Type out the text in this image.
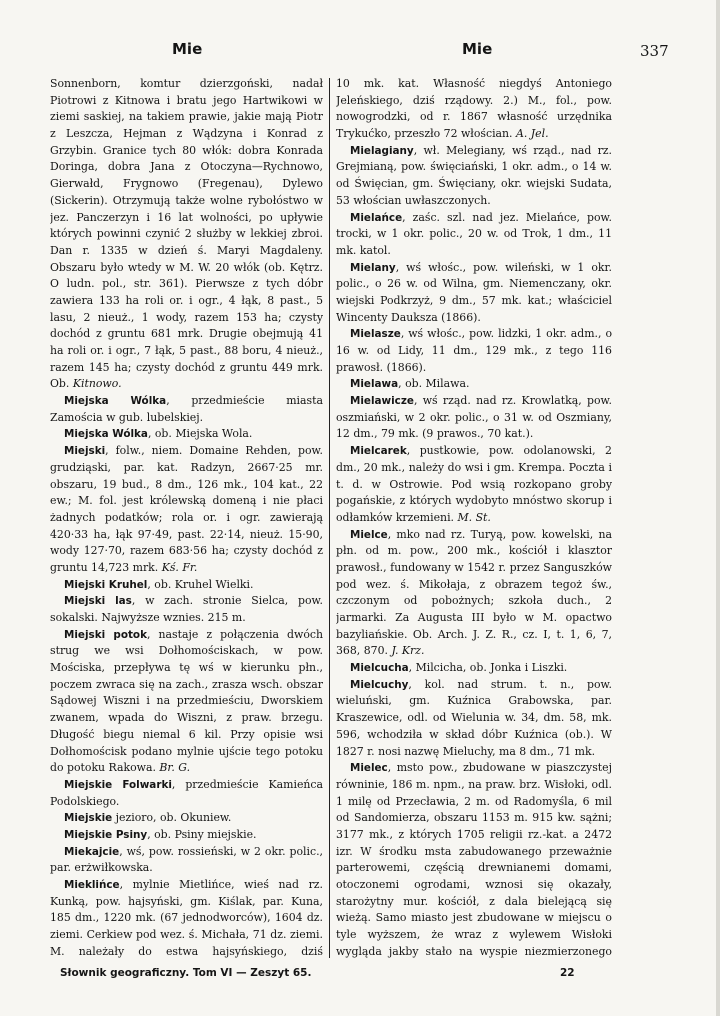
Mie	Mie	337

Sonnenborn, komtur dzierzgoński, nadał Piotrowi z Kitnowa i bratu jego Hartwikowi w ziemi saskiej, na takiem prawie, jakie mają Piotr z Leszcza, Hejman z Wądzyna i Konrad z Grzybin. Granice tych 80 włók: dobra Konrada Doringa, dobra Jana z Otoczyna—Rychnowo, Gierwałd, Frygnowo (Fregenau), Dylewo (Sickerin). Otrzymują także wolne rybołóstwo w jez. Panczerzyn i 16 lat wolności, po upływie których powinni czynić 2 służby w lekkiej zbroi. Dan r. 1335 w dzień ś. Maryi Magdaleny. Obszaru było wtedy w M. W. 20 włók (ob. Kętrz. O ludn. pol., str. 361). Pierwsze z tych dóbr zawiera 133 ha roli or. i ogr., 4 łąk, 8 past., 5 lasu, 2 nieuż., 1 wody, razem 153 ha; czysty dochód z gruntu 681 mrk. Drugie obejmują 41 ha roli or. i ogr., 7 łąk, 5 past., 88 boru, 4 nieuż., razem 145 ha; czysty dochód z gruntu 449 mrk. Ob. Kitnowo.

Miejska Wólka, przedmieście miasta Zamościa w gub. lubelskiej.

Miejska Wólka, ob. Miejska Wola.

Miejski, folw., niem. Domaine Rehden, pow. grudziąski, par. kat. Radzyn, 2667·25 mr. obszaru, 19 bud., 8 dm., 126 mk., 104 kat., 22 ew.; M. fol. jest królewską domeną i nie płaci żadnych podatków; rola or. i ogr. zawierają 420·33 ha, łąk 97·49, past. 22·14, nieuż. 15·90, wody 127·70, razem 683·56 ha; czysty dochód z gruntu 14,723 mrk. Kś. Fr.

Miejski Kruhel, ob. Kruhel Wielki.

Miejski las, w zach. stronie Sielca, pow. sokalski. Najwyższe wznies. 215 m.

Miejski potok, nastaje z połączenia dwóch strug we wsi Dołhomościskach, w pow. Mościska, przepływa tę wś w kierunku płn., poczem zwraca się na zach., zrasza wsch. obszar Sądowej Wiszni i na przedmieściu, Dworskiem zwanem, wpada do Wiszni, z praw. brzegu. Długość biegu niemal 6 kil. Przy opisie wsi Dołhomościsk podano mylnie ujście tego potoku do potoku Rakowa. Br. G.

Miejskie Folwarki, przedmieście Kamieńca Podolskiego.

Miejskie jezioro, ob. Okuniew.

Miejskie Psiny, ob. Psiny miejskie.

Miekajcie, wś, pow. rossieński, w 2 okr. polic., par. erżwiłkowska.

Mieklińce, mylnie Mietlińce, wieś nad rz. Kunką, pow. hajsyński, gm. Kiślak, par. Kuna, 185 dm., 1220 mk. (67 jednodworców), 1604 dz. ziemi. Cerkiew pod wez. ś. Michała, 71 dz. ziemi. M. należały do estwa hajsyńskiego, dziś

10 mk. kat. Własność niegdyś Antoniego Jeleńskiego, dziś rządowy. 2.) M., fol., pow. nowogrodzki, od r. 1867 własność urzędnika Trykućko, przeszło 72 włościan. A. Jel.

Mielagiany, wł. Melegiany, wś rząd., nad rz. Grejmianą, pow. święciański, 1 okr. adm., o 14 w. od Święcian, gm. Święciany, okr. wiejski Sudata, 53 włościan uwłaszczonych.

Mielańce, zaśc. szl. nad jez. Mielańce, pow. trocki, w 1 okr. polic., 20 w. od Trok, 1 dm., 11 mk. katol.

Mielany, wś włośc., pow. wileński, w 1 okr. polic., o 26 w. od Wilna, gm. Niemenczany, okr. wiejski Podkrzyż, 9 dm., 57 mk. kat.; właściciel Wincenty Dauksza (1866).

Mielasze, wś włośc., pow. lidzki, 1 okr. adm., o 16 w. od Lidy, 11 dm., 129 mk., z tego 116 prawosł. (1866).

Mielawa, ob. Milawa.

Mielawicze, wś rząd. nad rz. Krowlatką, pow. oszmiański, w 2 okr. polic., o 31 w. od Oszmiany, 12 dm., 79 mk. (9 prawos., 70 kat.).

Mielcarek, pustkowie, pow. odolanowski, 2 dm., 20 mk., należy do wsi i gm. Krempa. Poczta i t. d. w Ostrowie. Pod wsią rozkopano groby pogańskie, z których wydobyto mnóstwo skorup i odłamków krzemieni. M. St.

Mielce, mko nad rz. Turyą, pow. kowelski, na płn. od m. pow., 200 mk., kościół i klasztor prawosł., fundowany w 1542 r. przez Sanguszków pod wez. ś. Mikołaja, z obrazem tegoż św., czczonym od pobożnych; szkoła duch., 2 jarmarki. Za Augusta III było w M. opactwo bazyliańskie. Ob. Arch. J. Z. R., cz. I, t. 1, 6, 7, 368, 870. J. Krz.

Mielcucha, Milcicha, ob. Jonka i Liszki.

Mielcuchy, kol. nad strum. t. n., pow. wieluński, gm. Kuźnica Grabowska, par. Kraszewice, odl. od Wielunia w. 34, dm. 58, mk. 596, wchodziła w skład dóbr Kuźnica (ob.). W 1827 r. nosi nazwę Mieluchy, ma 8 dm., 71 mk.

Mielec, msto pow., zbudowane w piaszczystej równinie, 186 m. npm., na praw. brz. Wisłoki, odl. 1 milę od Przecławia, 2 m. od Radomyśla, 6 mil od Sandomierza, obszaru 1153 m. 915 kw. sążni; 3177 mk., z których 1705 religii rz.-kat. a 2472 izr. W środku msta zabudowanego przeważnie parterowemi, częścią drewnianemi domami, otoczonemi ogrodami, wznosi się okazały, starożytny mur. kościół, z dala bielejącą się wieżą. Samo miasto jest zbudowane w miejscu o tyle wyższem, że wraz z wylewem Wisłoki wygląda jakby stało na wyspie niezmierzonego

Słownik geograficzny. Tom VI — Zeszyt 65.	22
